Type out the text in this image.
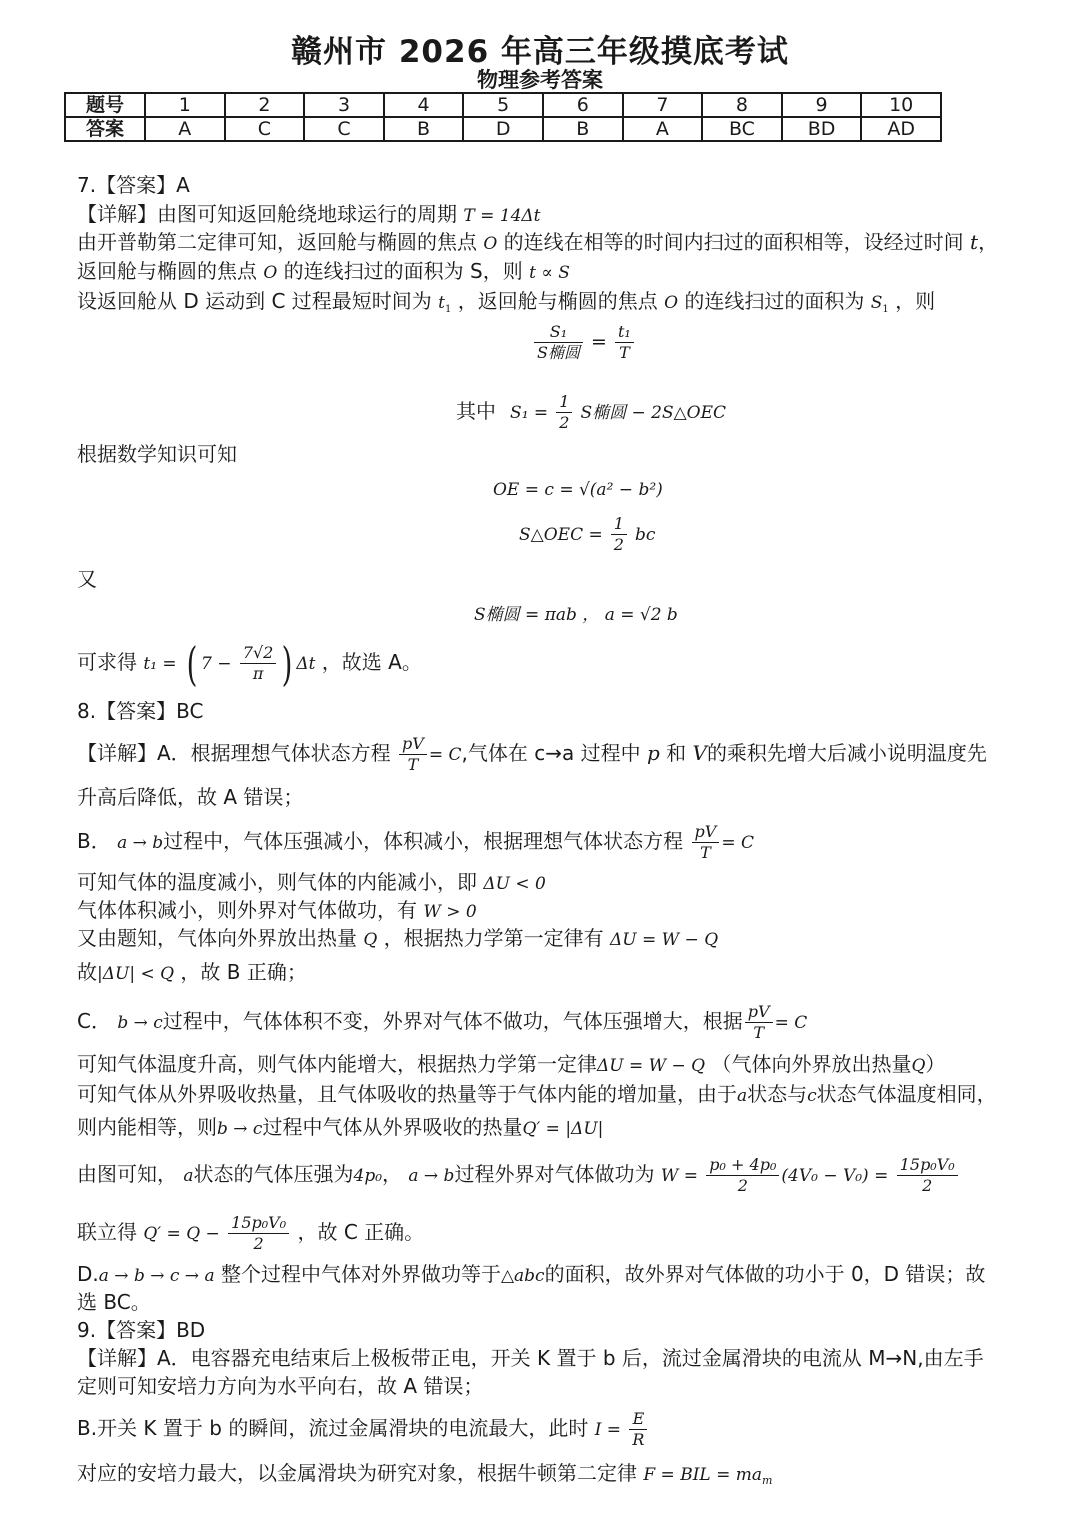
赣州市 2026 年高三年级摸底考试
物理参考答案
题号	1	2	3	4	5	6	7	8	9	10
答案	A	C	C	B	D	B	A	BC	BD	AD
7.【答案】A
【详解】由图可知返回舱绕地球运行的周期 T = 14Δt
由开普勒第二定律可知，返回舱与椭圆的焦点 O 的连线在相等的时间内扫过的面积相等，设经过时间 t，
返回舱与椭圆的焦点 O 的连线扫过的面积为 S，则 t ∝ S
设返回舱从 D 运动到 C 过程最短时间为 $t_1$ ，返回舱与椭圆的焦点 O 的连线扫过的面积为 $S_1$ ，则
$\frac{\text{S₁}}{\text{S椭圆}} = \frac{\text{t₁}}{T}$
其中 $S_1 = \frac{1}{2}$ S椭圆 − 2S△OEC
根据数学知识可知
OE = c = √(a² − b²)
S△OEC = $\frac{1}{2}$ bc
又
S椭圆 = πab ， a = √2 b
可求得 t₁ = ( $7 - \frac{7√2}{\pi}$ ) Δt ，故选 A。
8.【答案】BC
【详解】A．根据理想气体状态方程 $\frac{pV}{T} = C$,气体在 c→a 过程中 p 和 V的乘积先增大后减小说明温度先
升高后降低，故 A 错误；
B． a → b过程中，气体压强减小，体积减小，根据理想气体状态方程 $\frac{pV}{T} = C$
可知气体的温度减小，则气体的内能减小，即 ΔU < 0
气体体积减小，则外界对气体做功，有 W > 0
又由题知，气体向外界放出热量 Q ，根据热力学第一定律有 ΔU = W − Q
故|ΔU| < Q ，故 B 正确；
C． b → c过程中，气体体积不变，外界对气体不做功，气体压强增大，根据 $\frac{pV}{T} = C$
可知气体温度升高，则气体内能增大，根据热力学第一定律ΔU = W − Q （气体向外界放出热量Q）
可知气体从外界吸收热量，且气体吸收的热量等于气体内能的增加量，由于a状态与c状态气体温度相同，
则内能相等，则b → c过程中气体从外界吸收的热量Q′ = |ΔU|
由图可知， a状态的气体压强为4p₀， a → b过程外界对气体做功为 $W = \frac{\text{p₀ + 4p₀}}{2} (4V_0 - V_0) = \frac{\text{15p₀V₀}}{2}$
联立得 $Q' = Q - \frac{\text{15p₀V₀}}{2}$ ，故 C 正确。
D.a → b → c → a 整个过程中气体对外界做功等于△abc的面积，故外界对气体做的功小于 0，D 错误；故
选 BC。
9.【答案】BD
【详解】A．电容器充电结束后上极板带正电，开关 K 置于 b 后，流过金属滑块的电流从 M→N,由左手
定则可知安培力方向为水平向右，故 A 错误；
B.开关 K 置于 b 的瞬间，流过金属滑块的电流最大，此时 $I = \frac{E}{R}$
对应的安培力最大，以金属滑块为研究对象，根据牛顿第二定律 F = BIL = $ma_m$
